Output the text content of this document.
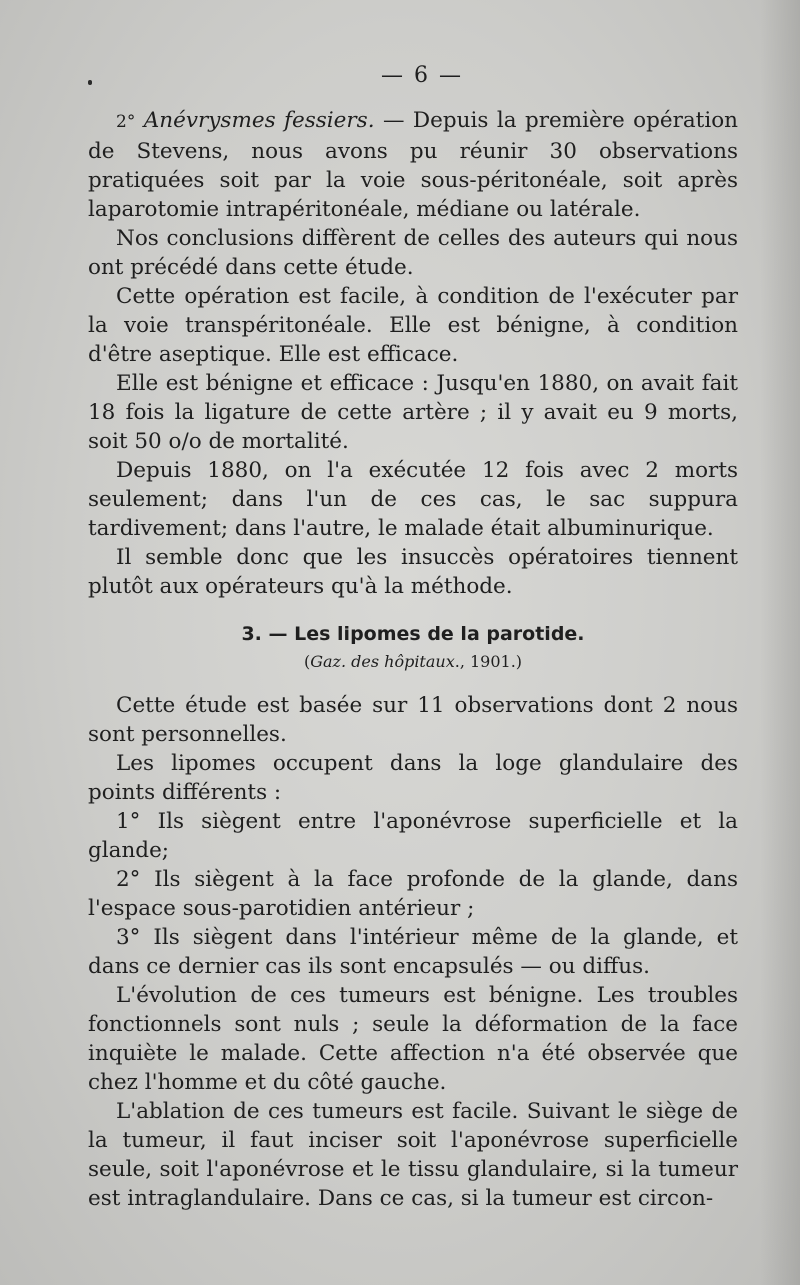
— 6 —

2° Anévrysmes fessiers. — Depuis la première opération de Stevens, nous avons pu réunir 30 observations pratiquées soit par la voie sous-péritonéale, soit après laparotomie intrapéritonéale, médiane ou latérale.

Nos conclusions diffèrent de celles des auteurs qui nous ont précédé dans cette étude.

Cette opération est facile, à condition de l'exécuter par la voie transpéritonéale. Elle est bénigne, à condition d'être aseptique. Elle est efficace.

Elle est bénigne et efficace : Jusqu'en 1880, on avait fait 18 fois la ligature de cette artère ; il y avait eu 9 morts, soit 50 o/o de mortalité.

Depuis 1880, on l'a exécutée 12 fois avec 2 morts seulement; dans l'un de ces cas, le sac suppura tardivement; dans l'autre, le malade était albuminurique.

Il semble donc que les insuccès opératoires tiennent plutôt aux opérateurs qu'à la méthode.

3. — Les lipomes de la parotide.
(Gaz. des hôpitaux., 1901.)

Cette étude est basée sur 11 observations dont 2 nous sont personnelles.

Les lipomes occupent dans la loge glandulaire des points différents :

1° Ils siègent entre l'aponévrose superficielle et la glande;

2° Ils siègent à la face profonde de la glande, dans l'espace sous-parotidien antérieur ;

3° Ils siègent dans l'intérieur même de la glande, et dans ce dernier cas ils sont encapsulés — ou diffus.

L'évolution de ces tumeurs est bénigne. Les troubles fonctionnels sont nuls ; seule la déformation de la face inquiète le malade. Cette affection n'a été observée que chez l'homme et du côté gauche.

L'ablation de ces tumeurs est facile. Suivant le siège de la tumeur, il faut inciser soit l'aponévrose superficielle seule, soit l'aponévrose et le tissu glandulaire, si la tumeur est intraglandulaire. Dans ce cas, si la tumeur est circon-
